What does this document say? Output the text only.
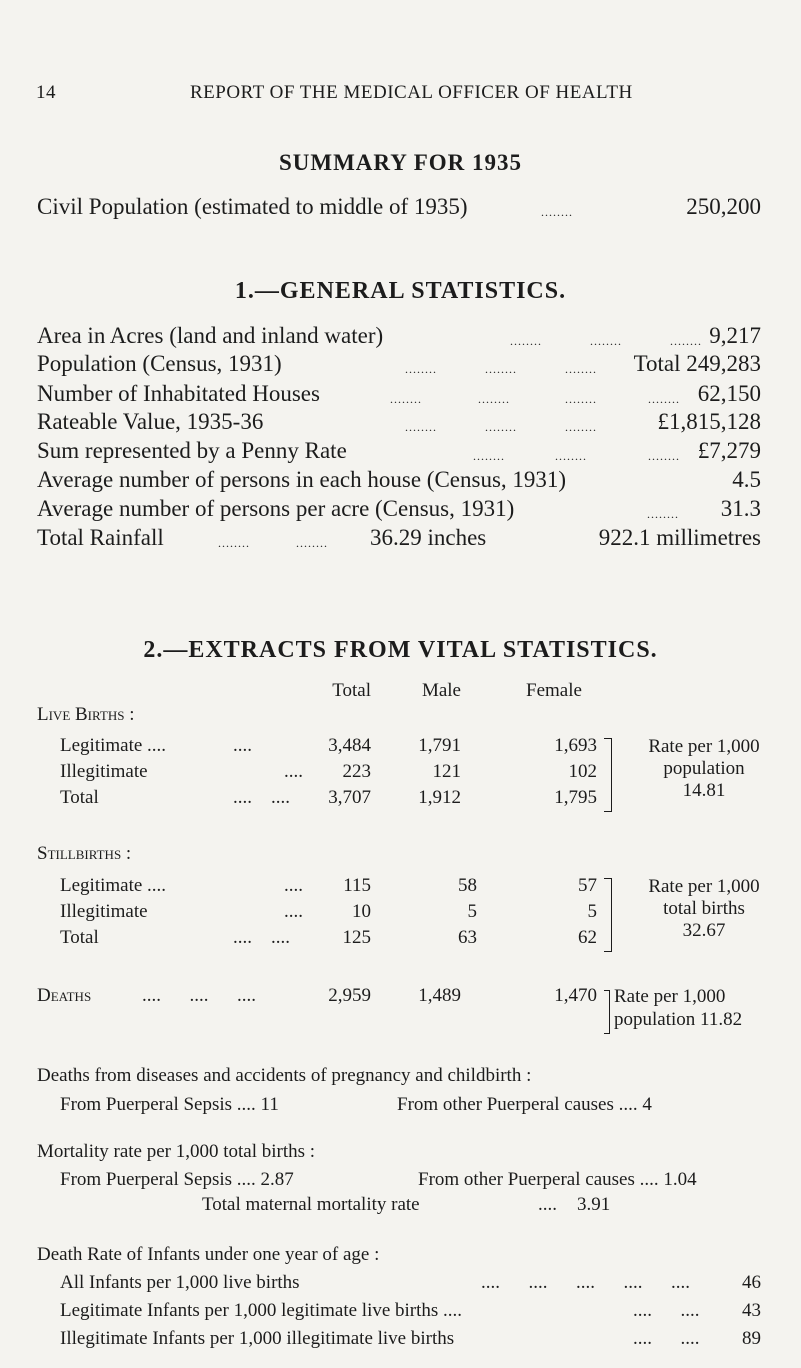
14	REPORT OF THE MEDICAL OFFICER OF HEALTH
SUMMARY FOR 1935
Civil Population (estimated to middle of 1935)	........	250,200
1.—GENERAL STATISTICS.
Area in Acres (land and inland water)	........	........	........ 9,217
Population (Census, 1931)	........	........	........ Total 249,283
Number of Inhabitated Houses	........	........	........	........ 62,150
Rateable Value, 1935-36	........	........	........	£1,815,128
Sum represented by a Penny Rate	........	........	........ £7,279
Average number of persons in each house (Census, 1931)	4.5
Average number of persons per acre (Census, 1931)	........ 31.3
Total Rainfall	........	........ 36.29 inches	922.1 millimetres
2.—EXTRACTS FROM VITAL STATISTICS.
Total	Male	Female
Live Births :
Legitimate ....	....	3,484 1,791	1,693
Illegitimate	.... 223	121	102
Total	....    .... 3,707 1,912	1,795
Rate per 1,000
population
14.81
Stillbirths :
Legitimate ....	.... 115	58	57
Illegitimate	....	10	5	5
Total	....    ....	125	63	62
Rate per 1,000
total births
32.67
Deaths	....      ....      ....	2,959 1,489	1,470 Rate per 1,000
population 11.82
Deaths from diseases and accidents of pregnancy and childbirth :
From Puerperal Sepsis .... 11	From other Puerperal causes .... 4
Mortality rate per 1,000 total births :
From Puerperal Sepsis .... 2.87	From other Puerperal causes .... 1.04
Total maternal mortality rate	.... 3.91
Death Rate of Infants under one year of age :
All Infants per 1,000 live births	....      ....      ....      ....      ....	46
Legitimate Infants per 1,000 legitimate live births ....	....      .... 43
Illegitimate Infants per 1,000 illegitimate live births	....      .... 89
